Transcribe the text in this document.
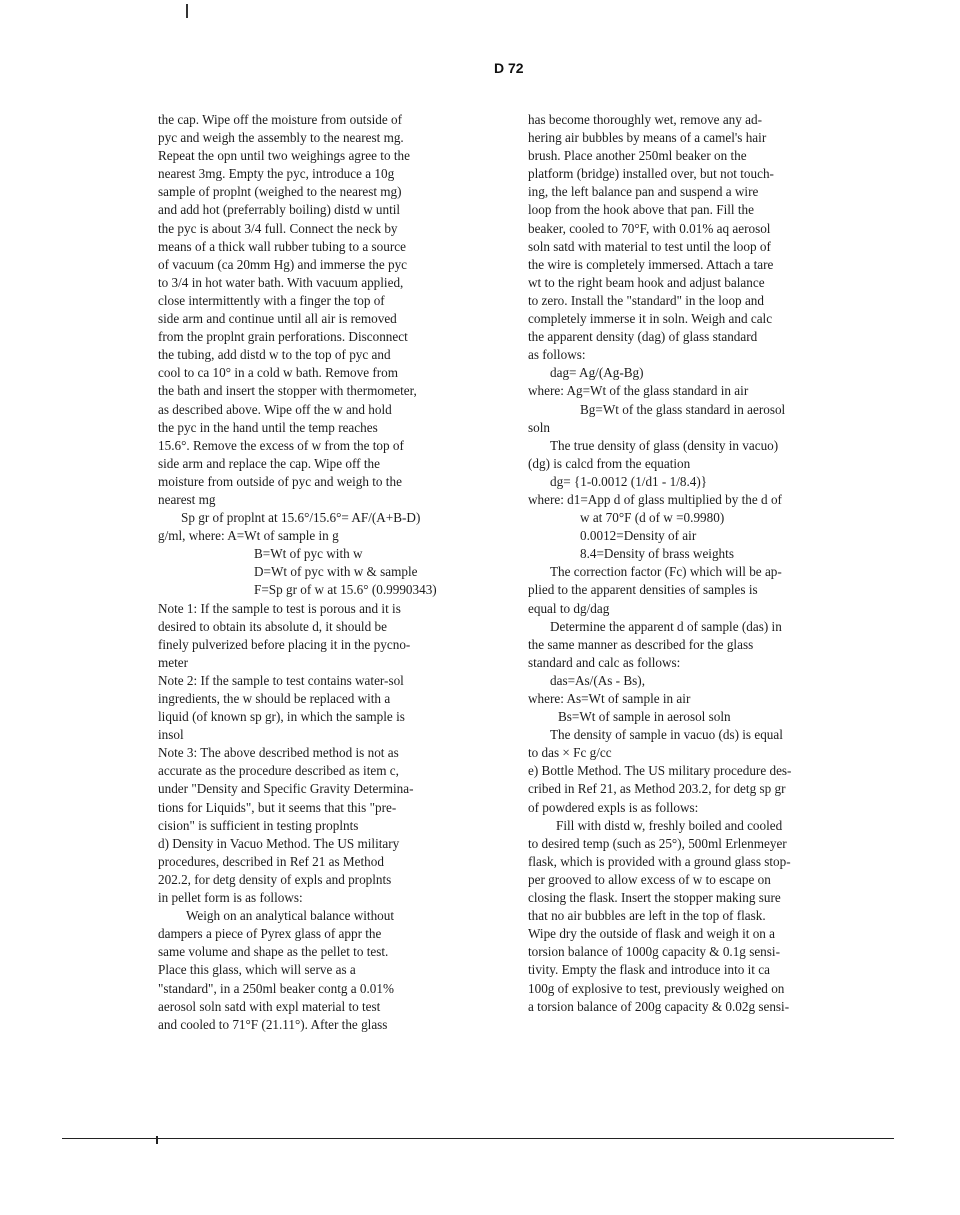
D 72
the cap. Wipe off the moisture from outside of
pyc and weigh the assembly to the nearest mg.
Repeat the opn until two weighings agree to the
nearest 3mg. Empty the pyc, introduce a 10g
sample of proplnt (weighed to the nearest mg)
and add hot (preferrably boiling) distd w until
the pyc is about 3/4 full. Connect the neck by
means of a thick wall rubber tubing to a source
of vacuum (ca 20mm Hg) and immerse the pyc
to 3/4 in hot water bath. With vacuum applied,
close intermittently with a finger the top of
side arm and continue until all air is removed
from the proplnt grain perforations. Disconnect
the tubing, add distd w to the top of pyc and
cool to ca 10° in a cold w bath. Remove from
the bath and insert the stopper with thermometer,
as described above. Wipe off the w and hold
the pyc in the hand until the temp reaches
15.6°. Remove the excess of w from the top of
side arm and replace the cap. Wipe off the
moisture from outside of pyc and weigh to the
nearest mg
Sp gr of proplnt at 15.6°/15.6°= AF/(A+B-D)
g/ml, where: A=Wt of sample in g
B=Wt of pyc with w
D=Wt of pyc with w & sample
F=Sp gr of w at 15.6° (0.9990343)
Note 1: If the sample to test is porous and it is
desired to obtain its absolute d, it should be
finely pulverized before placing it in the pycno-
meter
Note 2: If the sample to test contains water-sol
ingredients, the w should be replaced with a
liquid (of known sp gr), in which the sample is
insol
Note 3: The above described method is not as
accurate as the procedure described as item c,
under "Density and Specific Gravity Determina-
tions for Liquids", but it seems that this "pre-
cision" is sufficient in testing proplnts
d) Density in Vacuo Method. The US military
procedures, described in Ref 21 as Method
202.2, for detg density of expls and proplnts
in pellet form is as follows:
Weigh on an analytical balance without
dampers a piece of Pyrex glass of appr the
same volume and shape as the pellet to test.
Place this glass, which will serve as a
"standard", in a 250ml beaker contg a 0.01%
aerosol soln satd with expl material to test
and cooled to 71°F (21.11°). After the glass
has become thoroughly wet, remove any ad-
hering air bubbles by means of a camel's hair
brush. Place another 250ml beaker on the
platform (bridge) installed over, but not touch-
ing, the left balance pan and suspend a wire
loop from the hook above that pan. Fill the
beaker, cooled to 70°F, with 0.01% aq aerosol
soln satd with material to test until the loop of
the wire is completely immersed. Attach a tare
wt to the right beam hook and adjust balance
to zero. Install the "standard" in the loop and
completely immerse it in soln. Weigh and calc
the apparent density (dag) of glass standard
as follows:
dag= Ag/(Ag-Bg)
where: Ag=Wt of the glass standard in air
Bg=Wt of the glass standard in aerosol
soln
The true density of glass (density in vacuo)
(dg) is calcd from the equation
dg= {1-0.0012 (1/d1 - 1/8.4)}
where: d1=App d of glass multiplied by the d of
w at 70°F (d of w =0.9980)
0.0012=Density of air
8.4=Density of brass weights
The correction factor (Fc) which will be ap-
plied to the apparent densities of samples is
equal to dg/dag
Determine the apparent d of sample (das) in
the same manner as described for the glass
standard and calc as follows:
das=As/(As - Bs),
where: As=Wt of sample in air
Bs=Wt of sample in aerosol soln
The density of sample in vacuo (ds) is equal
to das × Fc g/cc
e) Bottle Method. The US military procedure des-
cribed in Ref 21, as Method 203.2, for detg sp gr
of powdered expls is as follows:
Fill with distd w, freshly boiled and cooled
to desired temp (such as 25°), 500ml Erlenmeyer
flask, which is provided with a ground glass stop-
per grooved to allow excess of w to escape on
closing the flask. Insert the stopper making sure
that no air bubbles are left in the top of flask.
Wipe dry the outside of flask and weigh it on a
torsion balance of 1000g capacity & 0.1g sensi-
tivity. Empty the flask and introduce into it ca
100g of explosive to test, previously weighed on
a torsion balance of 200g capacity & 0.02g sensi-
